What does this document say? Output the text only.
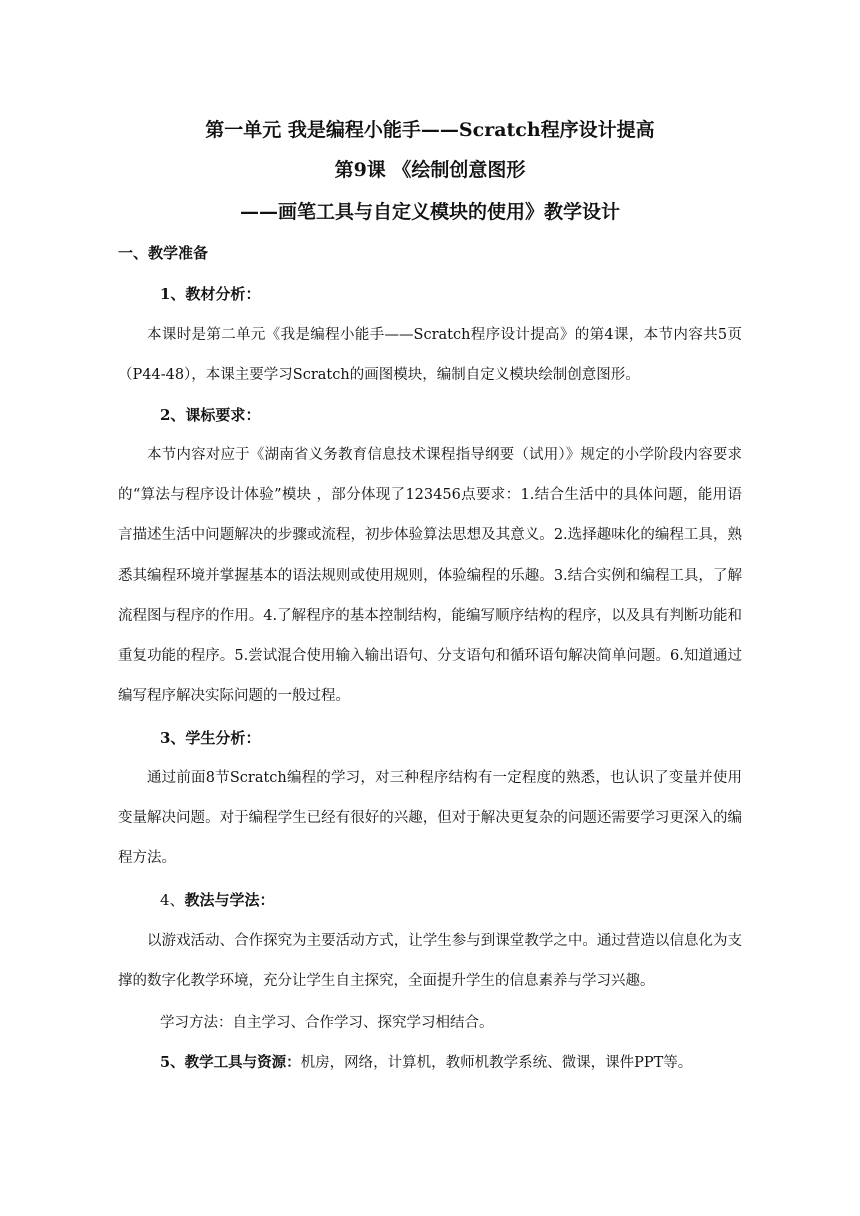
第一单元 我是编程小能手——Scratch程序设计提高
第9课 《绘制创意图形
——画笔工具与自定义模块的使用》教学设计
一、教学准备
1、教材分析：
本课时是第二单元《我是编程小能手——Scratch程序设计提高》的第4课，本节内容共5页（P44-48），本课主要学习Scratch的画图模块，编制自定义模块绘制创意图形。
2、课标要求：
本节内容对应于《湖南省义务教育信息技术课程指导纲要（试用）》规定的小学阶段内容要求的“算法与程序设计体验”模块 ，部分体现了123456点要求：1.结合生活中的具体问题，能用语言描述生活中问题解决的步骤或流程，初步体验算法思想及其意义。2.选择趣味化的编程工具，熟悉其编程环境并掌握基本的语法规则或使用规则，体验编程的乐趣。3.结合实例和编程工具，了解流程图与程序的作用。4.了解程序的基本控制结构，能编写顺序结构的程序，以及具有判断功能和重复功能的程序。5.尝试混合使用输入输出语句、分支语句和循环语句解决简单问题。6.知道通过编写程序解决实际问题的一般过程。
3、学生分析：
通过前面8节Scratch编程的学习，对三种程序结构有一定程度的熟悉，也认识了变量并使用变量解决问题。对于编程学生已经有很好的兴趣，但对于解决更复杂的问题还需要学习更深入的编程方法。
4、教法与学法：
以游戏活动、合作探究为主要活动方式，让学生参与到课堂教学之中。通过营造以信息化为支撑的数字化教学环境，充分让学生自主探究，全面提升学生的信息素养与学习兴趣。
学习方法：自主学习、合作学习、探究学习相结合。
5、教学工具与资源：机房，网络，计算机，教师机教学系统、微课，课件PPT等。
